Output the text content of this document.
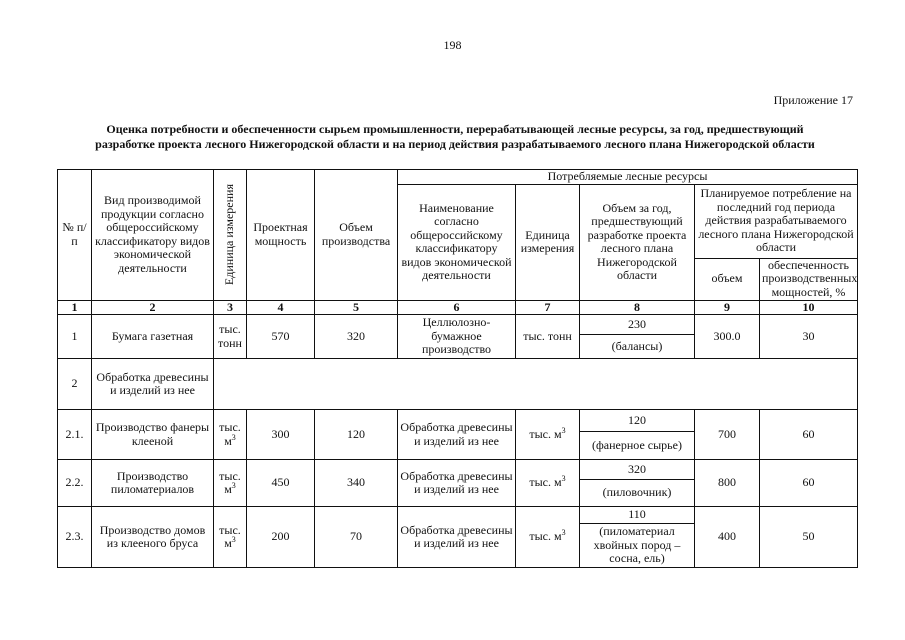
198
Приложение 17
Оценка потребности и обеспеченности сырьем промышленности, перерабатывающей лесные ресурсы, за год, предшествующий
разработке проекта лесного Нижегородской области и на период действия разрабатываемого лесного плана Нижегородской области
№ п/п	Вид производимой продукции согласно общероссийскому классификатору видов экономической деятельности	Единица измерения	Проектная мощность	Объем производства	Потребляемые лесные ресурсы				
					Наименование согласно общероссийскому классификатору видов экономической деятельности	Единица измерения	Объем за год, предшествующий разработке проекта лесного плана Нижегородской области	Планируемое потребление на последний год периода действия разрабатываемого лесного плана Нижегородской области	
								объем	обеспеченность производственных мощностей, %
1	2	3	4	5	6	7	8	9	10
1	Бумага газетная	тыс. тонн	570	320	Целлюлозно-бумажное производство	тыс. тонн	230	300.0	30
							(балансы)		
2	Обработка древесины и изделий из нее								
2.1.	Производство фанеры клееной	тыс. $м^3$	300	120	Обработка древесины и изделий из нее	тыс. $м^3$	120	700	60
							(фанерное сырье)		
2.2.	Производство пиломатериалов	тыс. $м^3$	450	340	Обработка древесины и изделий из нее	тыс. $м^3$	320	800	60
							(пиловочник)		
2.3.	Производство домов из клееного бруса	тыс. $м^3$	200	70	Обработка древесины и изделий из нее	тыс. $м^3$	110	400	50
							(пиломатериал хвойных пород – сосна, ель)		
